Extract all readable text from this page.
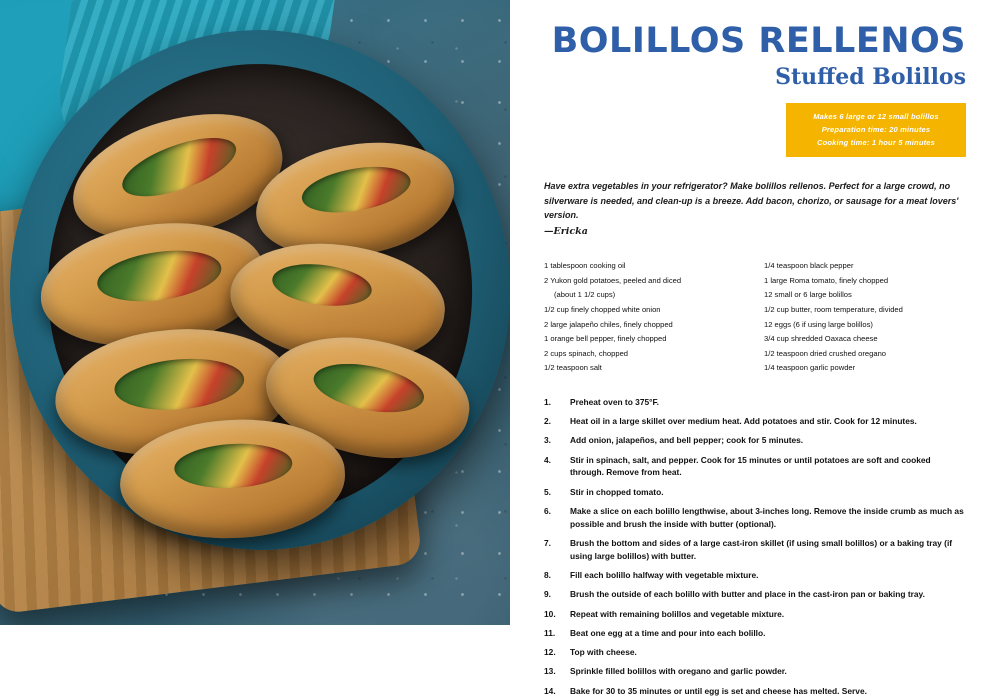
BOLILLOS RELLENOS
Stuffed Bolillos
Makes 6 large or 12 small bolillos
Preparation time: 20 minutes
Cooking time: 1 hour 5 minutes
Have extra vegetables in your refrigerator? Make bolillos rellenos. Perfect for a large crowd, no silverware is needed, and clean-up is a breeze. Add bacon, chorizo, or sausage for a meat lovers' version.
—Ericka
1 tablespoon cooking oil
2 Yukon gold potatoes, peeled and diced
(about 1 1/2 cups)
1/2 cup finely chopped white onion
2 large jalapeño chiles, finely chopped
1 orange bell pepper, finely chopped
2 cups spinach, chopped
1/2 teaspoon salt
1/4 teaspoon black pepper
1 large Roma tomato, finely chopped
12 small or 6 large bolillos
1/2 cup butter, room temperature, divided
12 eggs (6 if using large bolillos)
3/4 cup shredded Oaxaca cheese
1/2 teaspoon dried crushed oregano
1/4 teaspoon garlic powder
1.	Preheat oven to 375°F.
2.	Heat oil in a large skillet over medium heat. Add potatoes and stir. Cook for 12 minutes.
3.	Add onion, jalapeños, and bell pepper; cook for 5 minutes.
4.	Stir in spinach, salt, and pepper. Cook for 15 minutes or until potatoes are soft and cooked through. Remove from heat.
5.	Stir in chopped tomato.
6.	Make a slice on each bolillo lengthwise, about 3-inches long. Remove the inside crumb as much as possible and brush the inside with butter (optional).
7.	Brush the bottom and sides of a large cast-iron skillet (if using small bolillos) or a baking tray (if using large bolillos) with butter.
8.	Fill each bolillo halfway with vegetable mixture.
9.	Brush the outside of each bolillo with butter and place in the cast-iron pan or baking tray.
10.	Repeat with remaining bolillos and vegetable mixture.
11.	Beat one egg at a time and pour into each bolillo.
12.	Top with cheese.
13.	Sprinkle filled bolillos with oregano and garlic powder.
14.	Bake for 30 to 35 minutes or until egg is set and cheese has melted. Serve.
